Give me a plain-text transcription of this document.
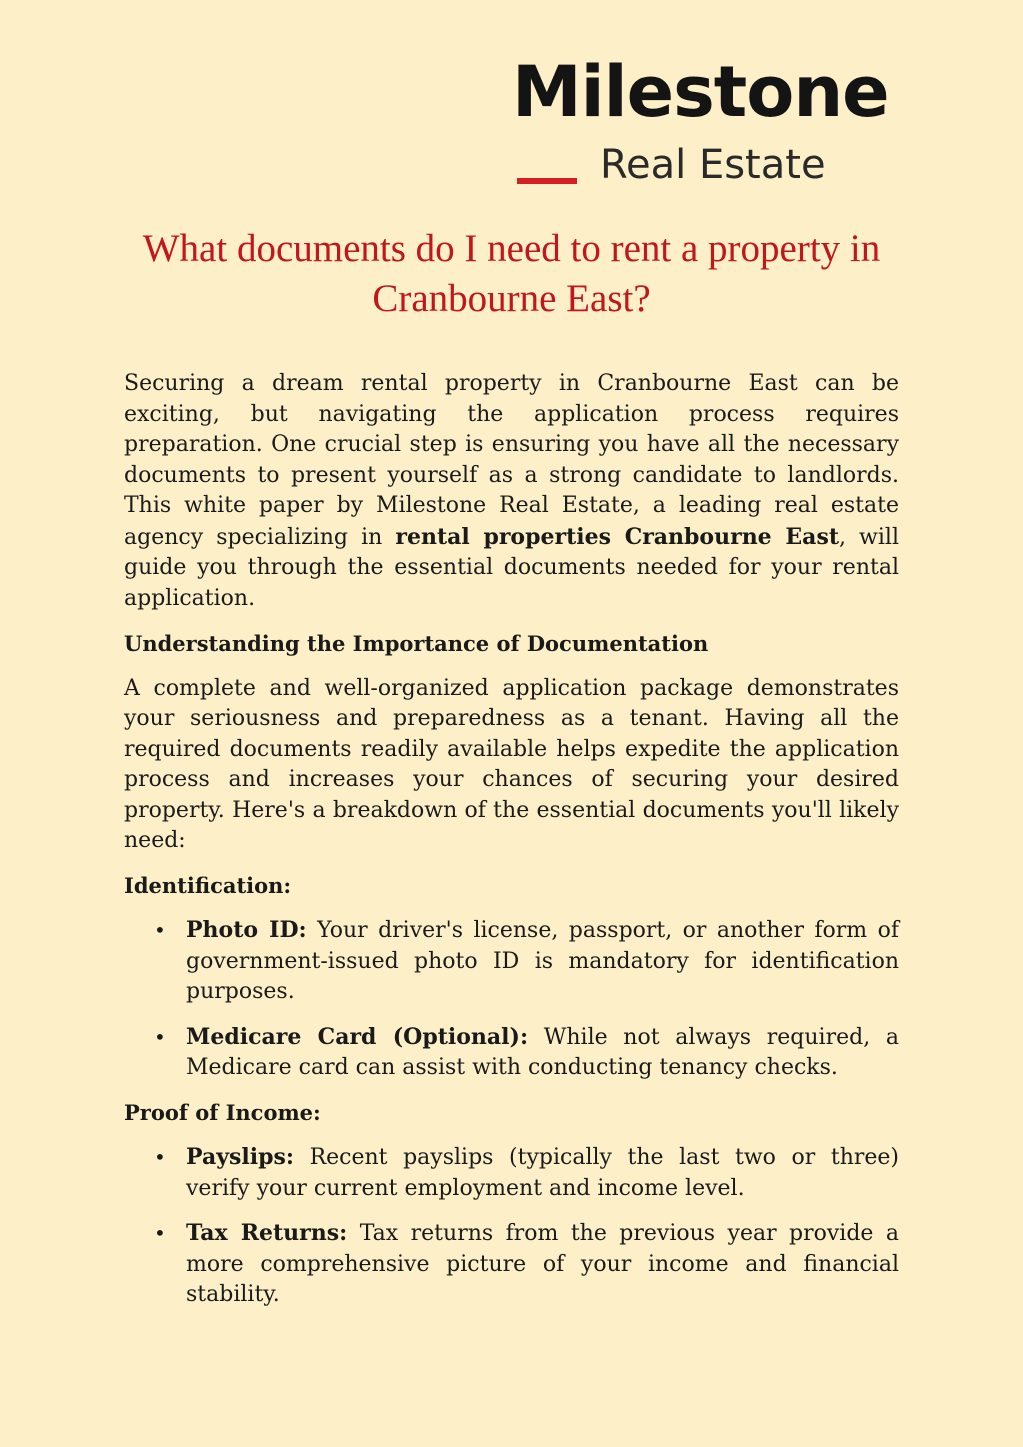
Milestone
Real Estate
What documents do I need to rent a property in Cranbourne East?

Securing a dream rental property in Cranbourne East can be exciting, but navigating the application process requires preparation. One crucial step is ensuring you have all the necessary documents to present yourself as a strong candidate to landlords. This white paper by Milestone Real Estate, a leading real estate agency specializing in rental properties Cranbourne East, will guide you through the essential documents needed for your rental application.

Understanding the Importance of Documentation

A complete and well-organized application package demonstrates your seriousness and preparedness as a tenant. Having all the required documents readily available helps expedite the application process and increases your chances of securing your desired property. Here's a breakdown of the essential documents you'll likely need:

Identification:

• Photo ID: Your driver's license, passport, or another form of government-issued photo ID is mandatory for identification purposes.
• Medicare Card (Optional): While not always required, a Medicare card can assist with conducting tenancy checks.

Proof of Income:

• Payslips: Recent payslips (typically the last two or three) verify your current employment and income level.
• Tax Returns: Tax returns from the previous year provide a more comprehensive picture of your income and financial stability.
